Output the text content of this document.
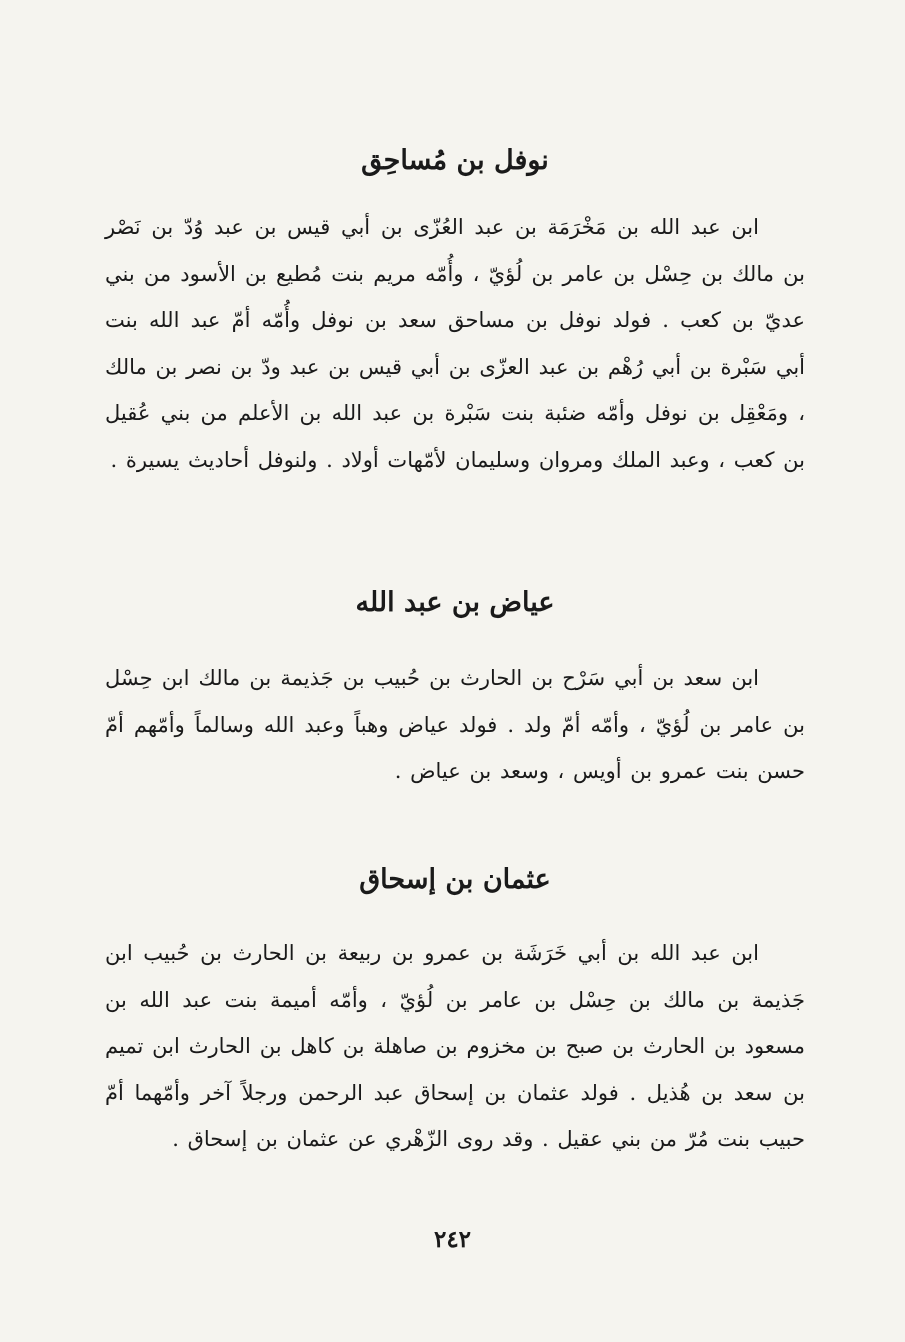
نوفل بن مُساحِق

ابن عبد الله بن مَخْرَمَة بن عبد العُزّى بن أبي قيس بن عبد وُدّ بن نَصْر بن مالك بن حِسْل بن عامر بن لُؤيّ ، وأُمّه مريم بنت مُطيع بن الأسود من بني عديّ بن كعب . فولد نوفل بن مساحق سعد بن نوفل وأُمّه أمّ عبد الله بنت أبي سَبْرة بن أبي رُهْم بن عبد العزّى بن أبي قيس بن عبد ودّ بن نصر بن مالك ، ومَعْقِل بن نوفل وأمّه ضئبة بنت سَبْرة بن عبد الله بن الأعلم من بني عُقيل بن كعب ، وعبد الملك ومروان وسليمان لأمّهات أولاد . ولنوفل أحاديث يسيرة .

عياض بن عبد الله

ابن سعد بن أبي سَرْح بن الحارث بن حُبيب بن جَذيمة بن مالك ابن حِسْل بن عامر بن لُؤيّ ، وأمّه أمّ ولد . فولد عياض وهباً وعبد الله وسالماً وأمّهم أمّ حسن بنت عمرو بن أويس ، وسعد بن عياض .

عثمان بن إسحاق

ابن عبد الله بن أبي خَرَشَة بن عمرو بن ربيعة بن الحارث بن حُبيب ابن جَذيمة بن مالك بن حِسْل بن عامر بن لُؤيّ ، وأمّه أميمة بنت عبد الله بن مسعود بن الحارث بن صبح بن مخزوم بن صاهلة بن كاهل بن الحارث ابن تميم بن سعد بن هُذيل . فولد عثمان بن إسحاق عبد الرحمن ورجلاً آخر وأمّهما أمّ حبيب بنت مُرّ من بني عقيل . وقد روى الزّهْري عن عثمان بن إسحاق .

٢٤٢
